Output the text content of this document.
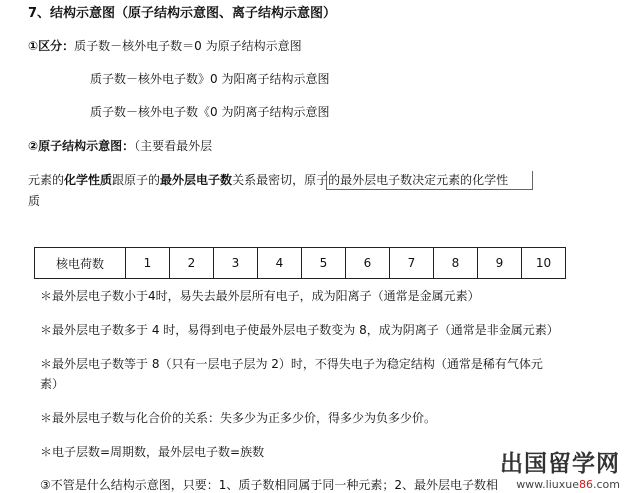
7、结构示意图（原子结构示意图、离子结构示意图）
①区分：质子数－核外电子数＝0 为原子结构示意图
质子数－核外电子数》0 为阳离子结构示意图
质子数－核外电子数《0 为阴离子结构示意图
②原子结构示意图：（主要看最外层
元素的化学性质跟原子的最外层电子数关系最密切，原子的最外层电子数决定元素的化学性
质
核电荷数	1	2	3	4	5	6	7	8	9	10
＊最外层电子数小于4时，易失去最外层所有电子，成为阳离子（通常是金属元素）
＊最外层电子数多于 4 时，易得到电子使最外层电子数变为 8，成为阴离子（通常是非金属元素）
＊最外层电子数等于 8（只有一层电子层为 2）时，不得失电子为稳定结构（通常是稀有气体元
素）
＊最外层电子数与化合价的关系：失多少为正多少价，得多少为负多少价。
＊电子层数=周期数，最外层电子数=族数
③不管是什么结构示意图，只要：1、质子数相同属于同一种元素；2、最外层电子数相
出国留学网
www.liuxue86.com
